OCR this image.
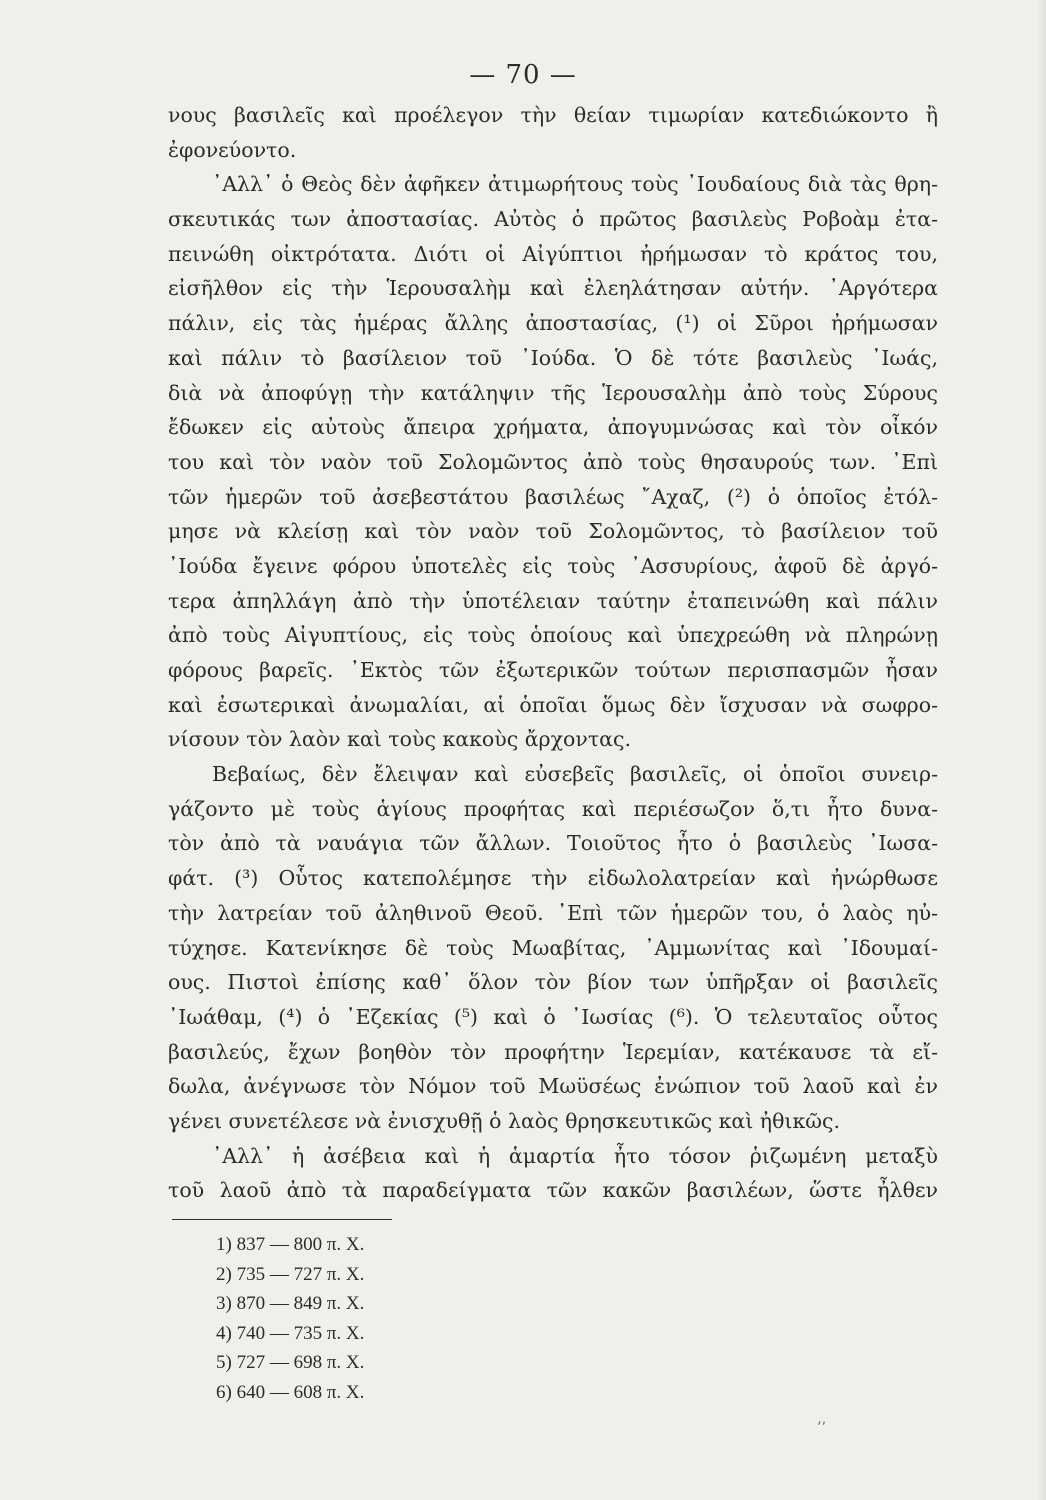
— 70 —
νους βασιλεῖς καὶ προέλεγον τὴν θείαν τιμωρίαν κατεδιώκοντο ἢ
ἐφονεύοντο.
᾿Αλλ᾿ ὁ Θεὸς δὲν ἀφῆκεν ἀτιμωρήτους τοὺς ᾿Ιουδαίους διὰ τὰς θρη-
σκευτικάς των ἀποστασίας. Αὐτὸς ὁ πρῶτος βασιλεὺς Ροβοὰμ ἐτα-
πεινώθη οἰκτρότατα. Διότι οἱ Αἰγύπτιοι ἠρήμωσαν τὸ κράτος του,
εἰσῆλθον εἰς τὴν Ἱερουσαλὴμ καὶ ἐλεηλάτησαν αὐτήν. ᾿Αργότερα
πάλιν, εἰς τὰς ἡμέρας ἄλλης ἀποστασίας, (¹) οἱ Σῦροι ἠρήμωσαν
καὶ πάλιν τὸ βασίλειον τοῦ ᾿Ιούδα. Ὁ δὲ τότε βασιλεὺς ᾿Ιωάς,
διὰ νὰ ἀποφύγῃ τὴν κατάληψιν τῆς Ἱερουσαλὴμ ἀπὸ τοὺς Σύρους
ἔδωκεν εἰς αὐτοὺς ἄπειρα χρήματα, ἀπογυμνώσας καὶ τὸν οἶκόν
του καὶ τὸν ναὸν τοῦ Σολομῶντος ἀπὸ τοὺς θησαυρούς των. ᾿Επὶ
τῶν ἡμερῶν τοῦ ἀσεβεστάτου βασιλέως ῎Αχαζ, (²) ὁ ὁποῖος ἐτόλ-
μησε νὰ κλείσῃ καὶ τὸν ναὸν τοῦ Σολομῶντος, τὸ βασίλειον τοῦ
᾿Ιούδα ἔγεινε φόρου ὑποτελὲς εἰς τοὺς ᾿Ασσυρίους, ἀφοῦ δὲ ἀργό-
τερα ἀπηλλάγη ἀπὸ τὴν ὑποτέλειαν ταύτην ἐταπεινώθη καὶ πάλιν
ἀπὸ τοὺς Αἰγυπτίους, εἰς τοὺς ὁποίους καὶ ὑπεχρεώθη νὰ πληρώνῃ
φόρους βαρεῖς. ᾿Εκτὸς τῶν ἐξωτερικῶν τούτων περισπασμῶν ἦσαν
καὶ ἐσωτερικαὶ ἀνωμαλίαι, αἱ ὁποῖαι ὅμως δὲν ἴσχυσαν νὰ σωφρο-
νίσουν τὸν λαὸν καὶ τοὺς κακοὺς ἄρχοντας.
Βεβαίως, δὲν ἔλειψαν καὶ εὐσεβεῖς βασιλεῖς, οἱ ὁποῖοι συνειρ-
γάζοντο μὲ τοὺς ἁγίους προφήτας καὶ περιέσωζον ὅ,τι ἦτο δυνα-
τὸν ἀπὸ τὰ ναυάγια τῶν ἄλλων. Τοιοῦτος ἦτο ὁ βασιλεὺς ᾿Ιωσα-
φάτ. (³) Οὗτος κατεπολέμησε τὴν εἰδωλολατρείαν καὶ ἠνώρθωσε
τὴν λατρείαν τοῦ ἀληθινοῦ Θεοῦ. ᾿Επὶ τῶν ἡμερῶν του, ὁ λαὸς ηὐ-
τύχησε. Κατενίκησε δὲ τοὺς Μωαβίτας, ᾿Αμμωνίτας καὶ ᾿Ιδουμαί-
ους. Πιστοὶ ἐπίσης καθ᾿ ὅλον τὸν βίον των ὑπῆρξαν οἱ βασιλεῖς
᾿Ιωάθαμ, (⁴) ὁ ᾿Εζεκίας (⁵) καὶ ὁ ᾿Ιωσίας (⁶). Ὁ τελευταῖος οὗτος
βασιλεύς, ἔχων βοηθὸν τὸν προφήτην Ἱερεμίαν, κατέκαυσε τὰ εἴ-
δωλα, ἀνέγνωσε τὸν Νόμον τοῦ Μωϋσέως ἐνώπιον τοῦ λαοῦ καὶ ἐν
γένει συνετέλεσε νὰ ἐνισχυθῇ ὁ λαὸς θρησκευτικῶς καὶ ἠθικῶς.
᾿Αλλ᾿ ἡ ἀσέβεια καὶ ἡ ἁμαρτία ἦτο τόσον ῥιζωμένη μεταξὺ
τοῦ λαοῦ ἀπὸ τὰ παραδείγματα τῶν κακῶν βασιλέων, ὥστε ἦλθεν
1) 837 — 800 π. Χ.
2) 735 — 727 π. Χ.
3) 870 — 849 π. Χ.
4) 740 — 735 π. Χ.
5) 727 — 698 π. Χ.
6) 640 — 608 π. Χ.
’’
